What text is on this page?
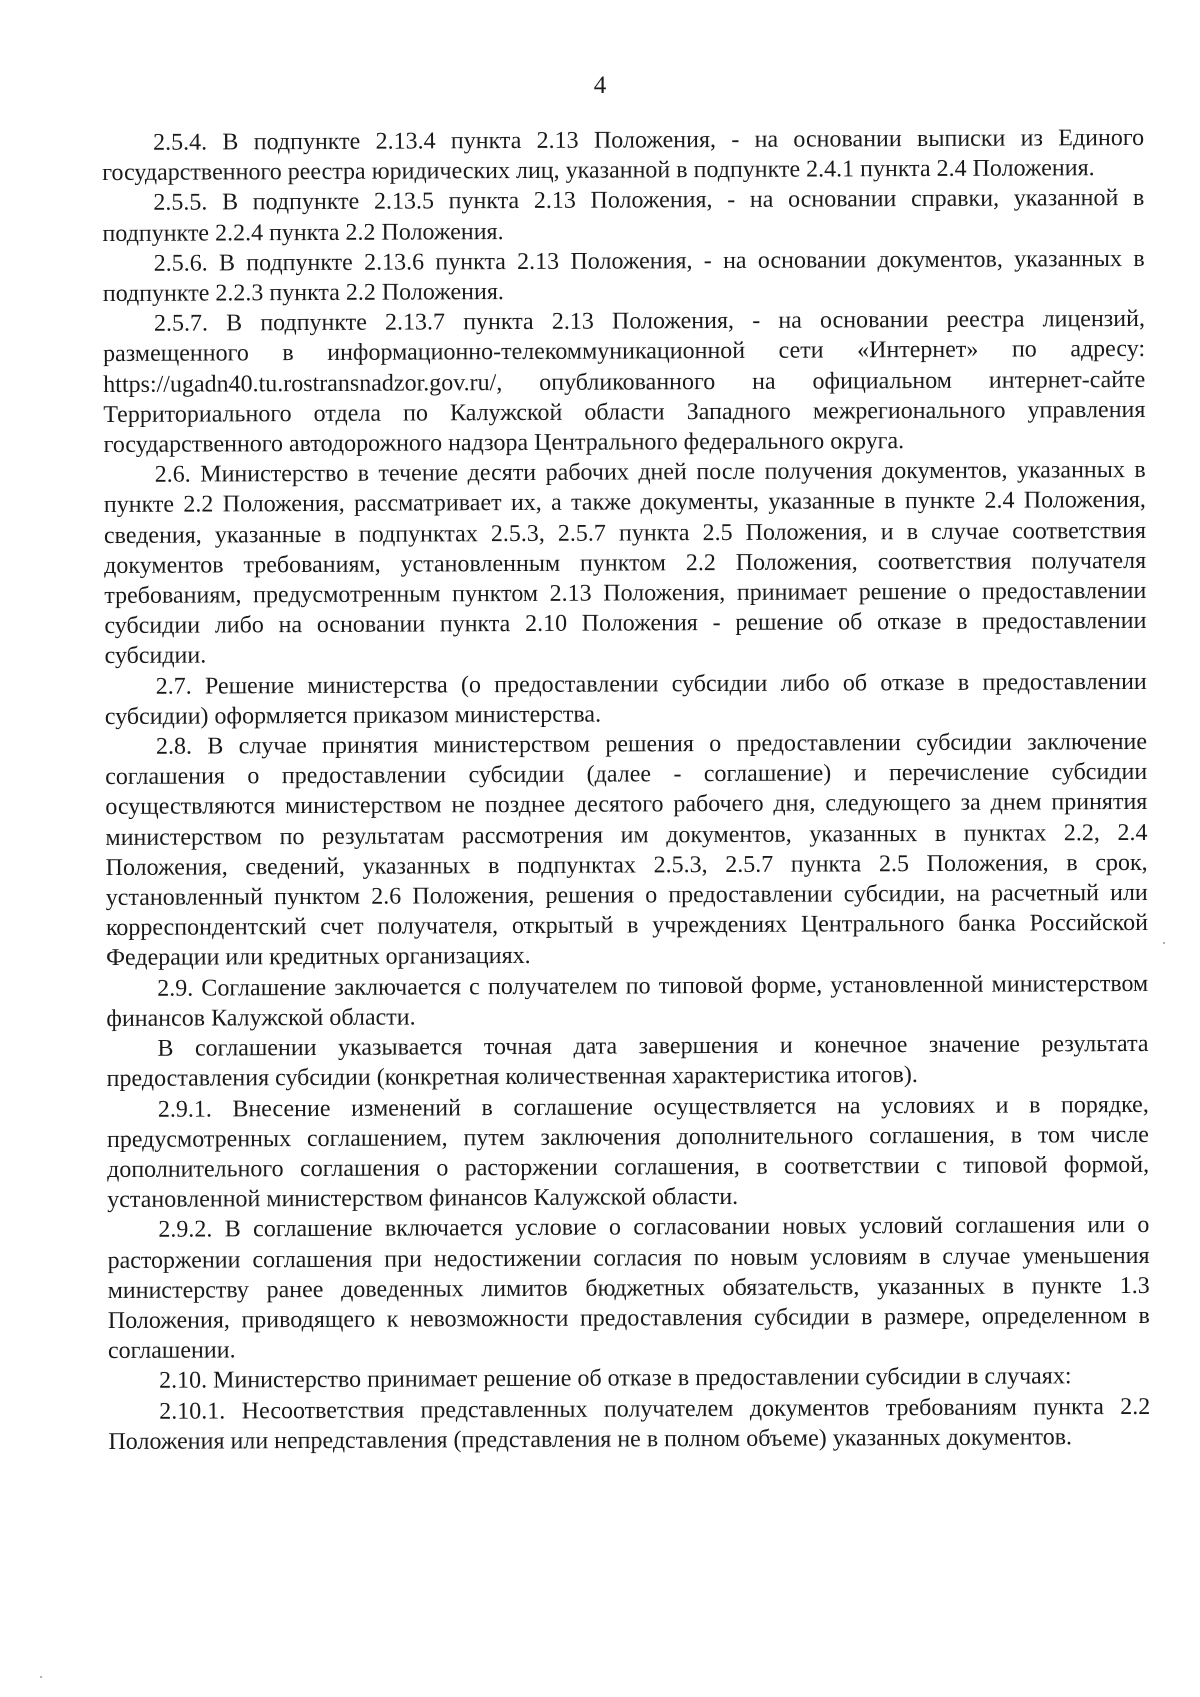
4

2.5.4. В подпункте 2.13.4 пункта 2.13 Положения, - на основании выписки из Единого государственного реестра юридических лиц, указанной в подпункте 2.4.1 пункта 2.4 Положения.

2.5.5. В подпункте 2.13.5 пункта 2.13 Положения, - на основании справки, указанной в подпункте 2.2.4 пункта 2.2 Положения.

2.5.6. В подпункте 2.13.6 пункта 2.13 Положения, - на основании документов, указанных в подпункте 2.2.3 пункта 2.2 Положения.

2.5.7. В подпункте 2.13.7 пункта 2.13 Положения, - на основании реестра лицензий, размещенного в информационно-телекоммуникационной сети «Интернет» по адресу: https://ugadn40.tu.rostransnadzor.gov.ru/, опубликованного на официальном интернет-сайте Территориального отдела по Калужской области Западного межрегионального управления государственного автодорожного надзора Центрального федерального округа.

2.6. Министерство в течение десяти рабочих дней после получения документов, указанных в пункте 2.2 Положения, рассматривает их, а также документы, указанные в пункте 2.4 Положения, сведения, указанные в подпунктах 2.5.3, 2.5.7 пункта 2.5 Положения, и в случае соответствия документов требованиям, установленным пунктом 2.2 Положения, соответствия получателя требованиям, предусмотренным пунктом 2.13 Положения, принимает решение о предоставлении субсидии либо на основании пункта 2.10 Положения - решение об отказе в предоставлении субсидии.

2.7. Решение министерства (о предоставлении субсидии либо об отказе в предоставлении субсидии) оформляется приказом министерства.

2.8. В случае принятия министерством решения о предоставлении субсидии заключение соглашения о предоставлении субсидии (далее - соглашение) и перечисление субсидии осуществляются министерством не позднее десятого рабочего дня, следующего за днем принятия министерством по результатам рассмотрения им документов, указанных в пунктах 2.2, 2.4 Положения, сведений, указанных в подпунктах 2.5.3, 2.5.7 пункта 2.5 Положения, в срок, установленный пунктом 2.6 Положения, решения о предоставлении субсидии, на расчетный или корреспондентский счет получателя, открытый в учреждениях Центрального банка Российской Федерации или кредитных организациях.

2.9. Соглашение заключается с получателем по типовой форме, установленной министерством финансов Калужской области.

В соглашении указывается точная дата завершения и конечное значение результата предоставления субсидии (конкретная количественная характеристика итогов).

2.9.1. Внесение изменений в соглашение осуществляется на условиях и в порядке, предусмотренных соглашением, путем заключения дополнительного соглашения, в том числе дополнительного соглашения о расторжении соглашения, в соответствии с типовой формой, установленной министерством финансов Калужской области.

2.9.2. В соглашение включается условие о согласовании новых условий соглашения или о расторжении соглашения при недостижении согласия по новым условиям в случае уменьшения министерству ранее доведенных лимитов бюджетных обязательств, указанных в пункте 1.3 Положения, приводящего к невозможности предоставления субсидии в размере, определенном в соглашении.

2.10. Министерство принимает решение об отказе в предоставлении субсидии в случаях:

2.10.1. Несоответствия представленных получателем документов требованиям пункта 2.2 Положения или непредставления (представления не в полном объеме) указанных документов.
